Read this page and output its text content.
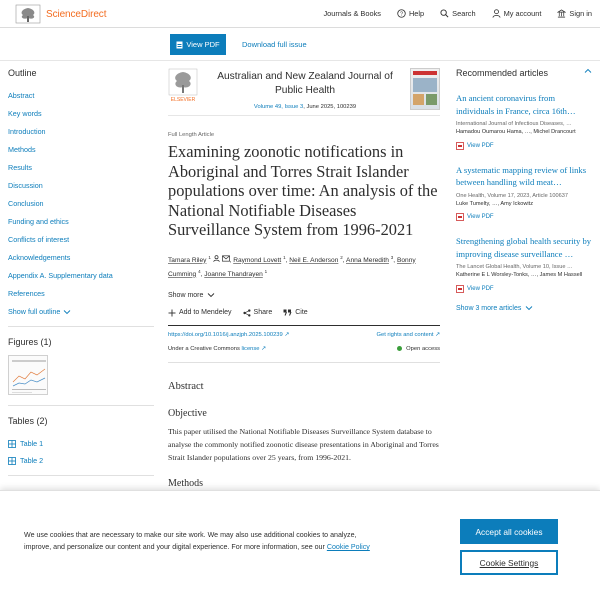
ScienceDirect	Journals & Books	? Help	Search	My account	Sign in
View PDF	Download full issue
Outline
Abstract
Key words
Introduction
Methods
Results
Discussion
Conclusion
Funding and ethics
Conflicts of interest
Acknowledgements
Appendix A. Supplementary data
References
Show full outline
Figures (1)
Tables (2)
Table 1
Table 2
ELSEVIER
Australian and New Zealand Journal of Public Health
Volume 49, Issue 3, June 2025, 100239
Full Length Article
Examining zoonotic notifications in Aboriginal and Torres Strait Islander populations over time: An analysis of the National Notifiable Diseases Surveillance System from 1996-2021
Tamara Riley $^1$	, Raymond Lovett $^1$, Neil E. Anderson $^2$, Anna Meredith $^3$, Bonny Cumming $^4$, Joanne Thandrayen $^1$
Show more
Add to Mendeley	Share	Cite
https://doi.org/10.1016/j.anzjph.2025.100239 ↗	Get rights and content ↗
Under a Creative Commons license ↗	Open access
Abstract
Objective

This paper utilised the National Notifiable Diseases Surveillance System database to analyse the commonly notified zoonotic disease presentations in Aboriginal and Torres Strait Islander populations over 25 years, from 1996-2021.

Methods
Recommended articles
An ancient coronavirus from individuals in France, circa 16th…
International Journal of Infectious Diseases, …
Hamadou Oumarou Hama, …, Michel Drancourt
View PDF
A systematic mapping review of links between handling wild meat…
One Health, Volume 17, 2023, Article 100637
Luke Tumelty, …, Amy Ickowitz
View PDF
Strengthening global health security by improving disease surveillance …
The Lancet Global Health, Volume 10, Issue …
Katherine E L Worsley-Tonks, …, James M Hassell
View PDF
Show 3 more articles
We use cookies that are necessary to make our site work. We may also use additional cookies to analyze, improve, and personalize our content and your digital experience. For more information, see our Cookie Policy
Accept all cookies
Cookie Settings
